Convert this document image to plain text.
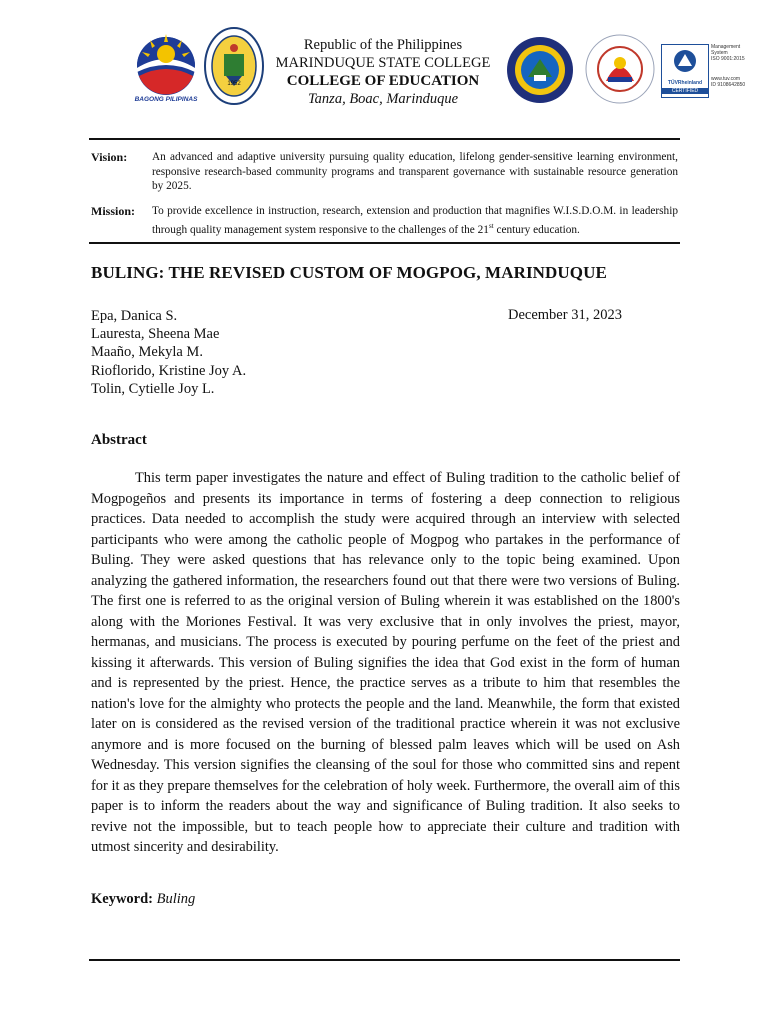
BAGONG PILIPINAS
1952	TÜVRheinland
CERTIFIED
Management
System
ISO 9001:2015
www.tuv.com
ID 9108642850
Republic of the Philippines
MARINDUQUE STATE COLLEGE
COLLEGE OF EDUCATION
Tanza, Boac, Marinduque
Vision: An advanced and adaptive university pursuing quality education, lifelong gender-sensitive learning environment, responsive research-based community programs and transparent governance with sustainable resource generation by 2025.
Mission: To provide excellence in instruction, research, extension and production that magnifies W.I.S.D.O.M. in leadership through quality management system responsive to the challenges of the 21st century education.
BULING: THE REVISED CUSTOM OF MOGPOG, MARINDUQUE
Epa, Danica S.
Lauresta, Sheena Mae
Maaño, Mekyla M.
Rioflorido, Kristine Joy A.
Tolin, Cytielle Joy L.
December 31, 2023
Abstract
This term paper investigates the nature and effect of Buling tradition to the catholic belief of Mogpogeños and presents its importance in terms of fostering a deep connection to religious practices. Data needed to accomplish the study were acquired through an interview with selected participants who were among the catholic people of Mogpog who partakes in the performance of Buling. They were asked questions that has relevance only to the topic being examined. Upon analyzing the gathered information, the researchers found out that there were two versions of Buling. The first one is referred to as the original version of Buling wherein it was established on the 1800's along with the Moriones Festival. It was very exclusive that in only involves the priest, mayor, hermanas, and musicians. The process is executed by pouring perfume on the feet of the priest and kissing it afterwards. This version of Buling signifies the idea that God exist in the form of human and is represented by the priest. Hence, the practice serves as a tribute to him that resembles the nation's love for the almighty who protects the people and the land. Meanwhile, the form that existed later on is considered as the revised version of the traditional practice wherein it was not exclusive anymore and is more focused on the burning of blessed palm leaves which will be used on Ash Wednesday. This version signifies the cleansing of the soul for those who committed sins and repent for it as they prepare themselves for the celebration of holy week. Furthermore, the overall aim of this paper is to inform the readers about the way and significance of Buling tradition. It also seeks to revive not the impossible, but to teach people how to appreciate their culture and tradition with utmost sincerity and desirability.
Keyword: Buling
